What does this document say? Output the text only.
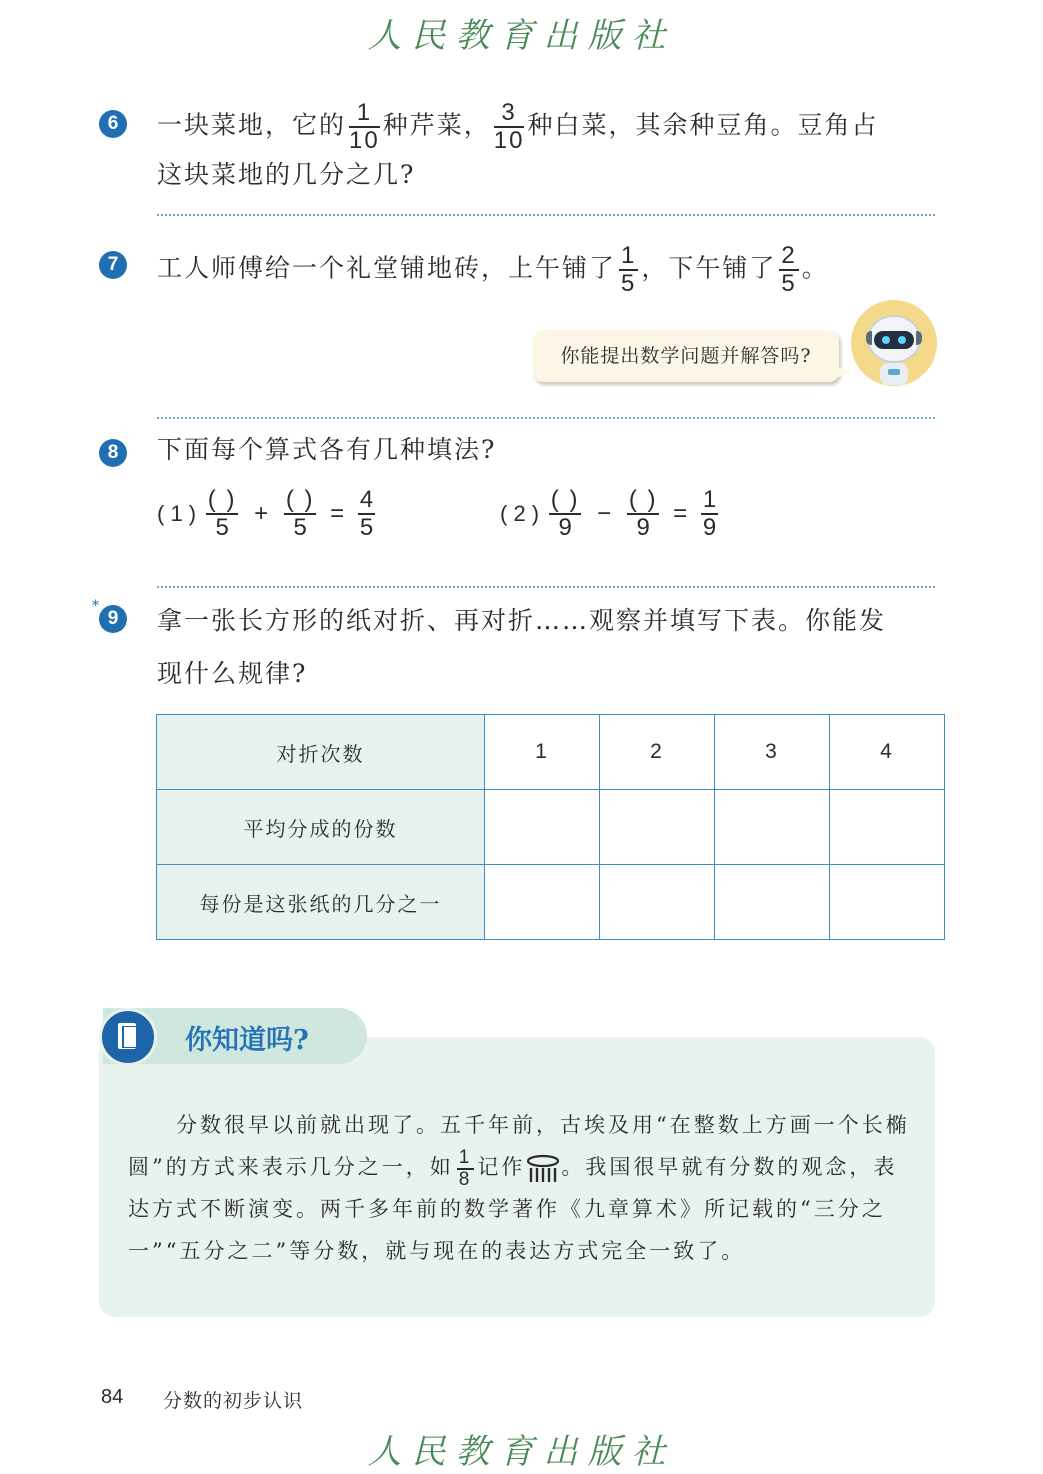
人民教育出版社
6	一块菜地，它的 $\frac{1}{10}$ 种芹菜， $\frac{3}{10}$ 种白菜，其余种豆角。豆角占
这块菜地的几分之几?
7	工人师傅给一个礼堂铺地砖，上午铺了 $\frac{1}{5}$ ，下午铺了 $\frac{2}{5}$ 。
你能提出数学问题并解答吗?
8	下面每个算式各有几种填法?
( 1 ) $\frac{( )}{5} + \frac{( )}{5} = \frac{4}{5}$	( 2 ) $\frac{( )}{9} - \frac{( )}{9} = \frac{1}{9}$
*
9	拿一张长方形的纸对折、再对折……观察并填写下表。你能发
现什么规律?
对折次数	1	2	3	4
平均分成的份数				
每份是这张纸的几分之一				
你知道吗?
分数很早以前就出现了。五千年前，古埃及用“在整数上方画一个长椭
圆”的方式来表示几分之一，如 $\frac{1}{8}$ 记作 。我国很早就有分数的观念，表
达方式不断演变。两千多年前的数学著作《九章算术》所记载的“三分之
一”“五分之二”等分数，就与现在的表达方式完全一致了。
84 分数的初步认识
人民教育出版社
